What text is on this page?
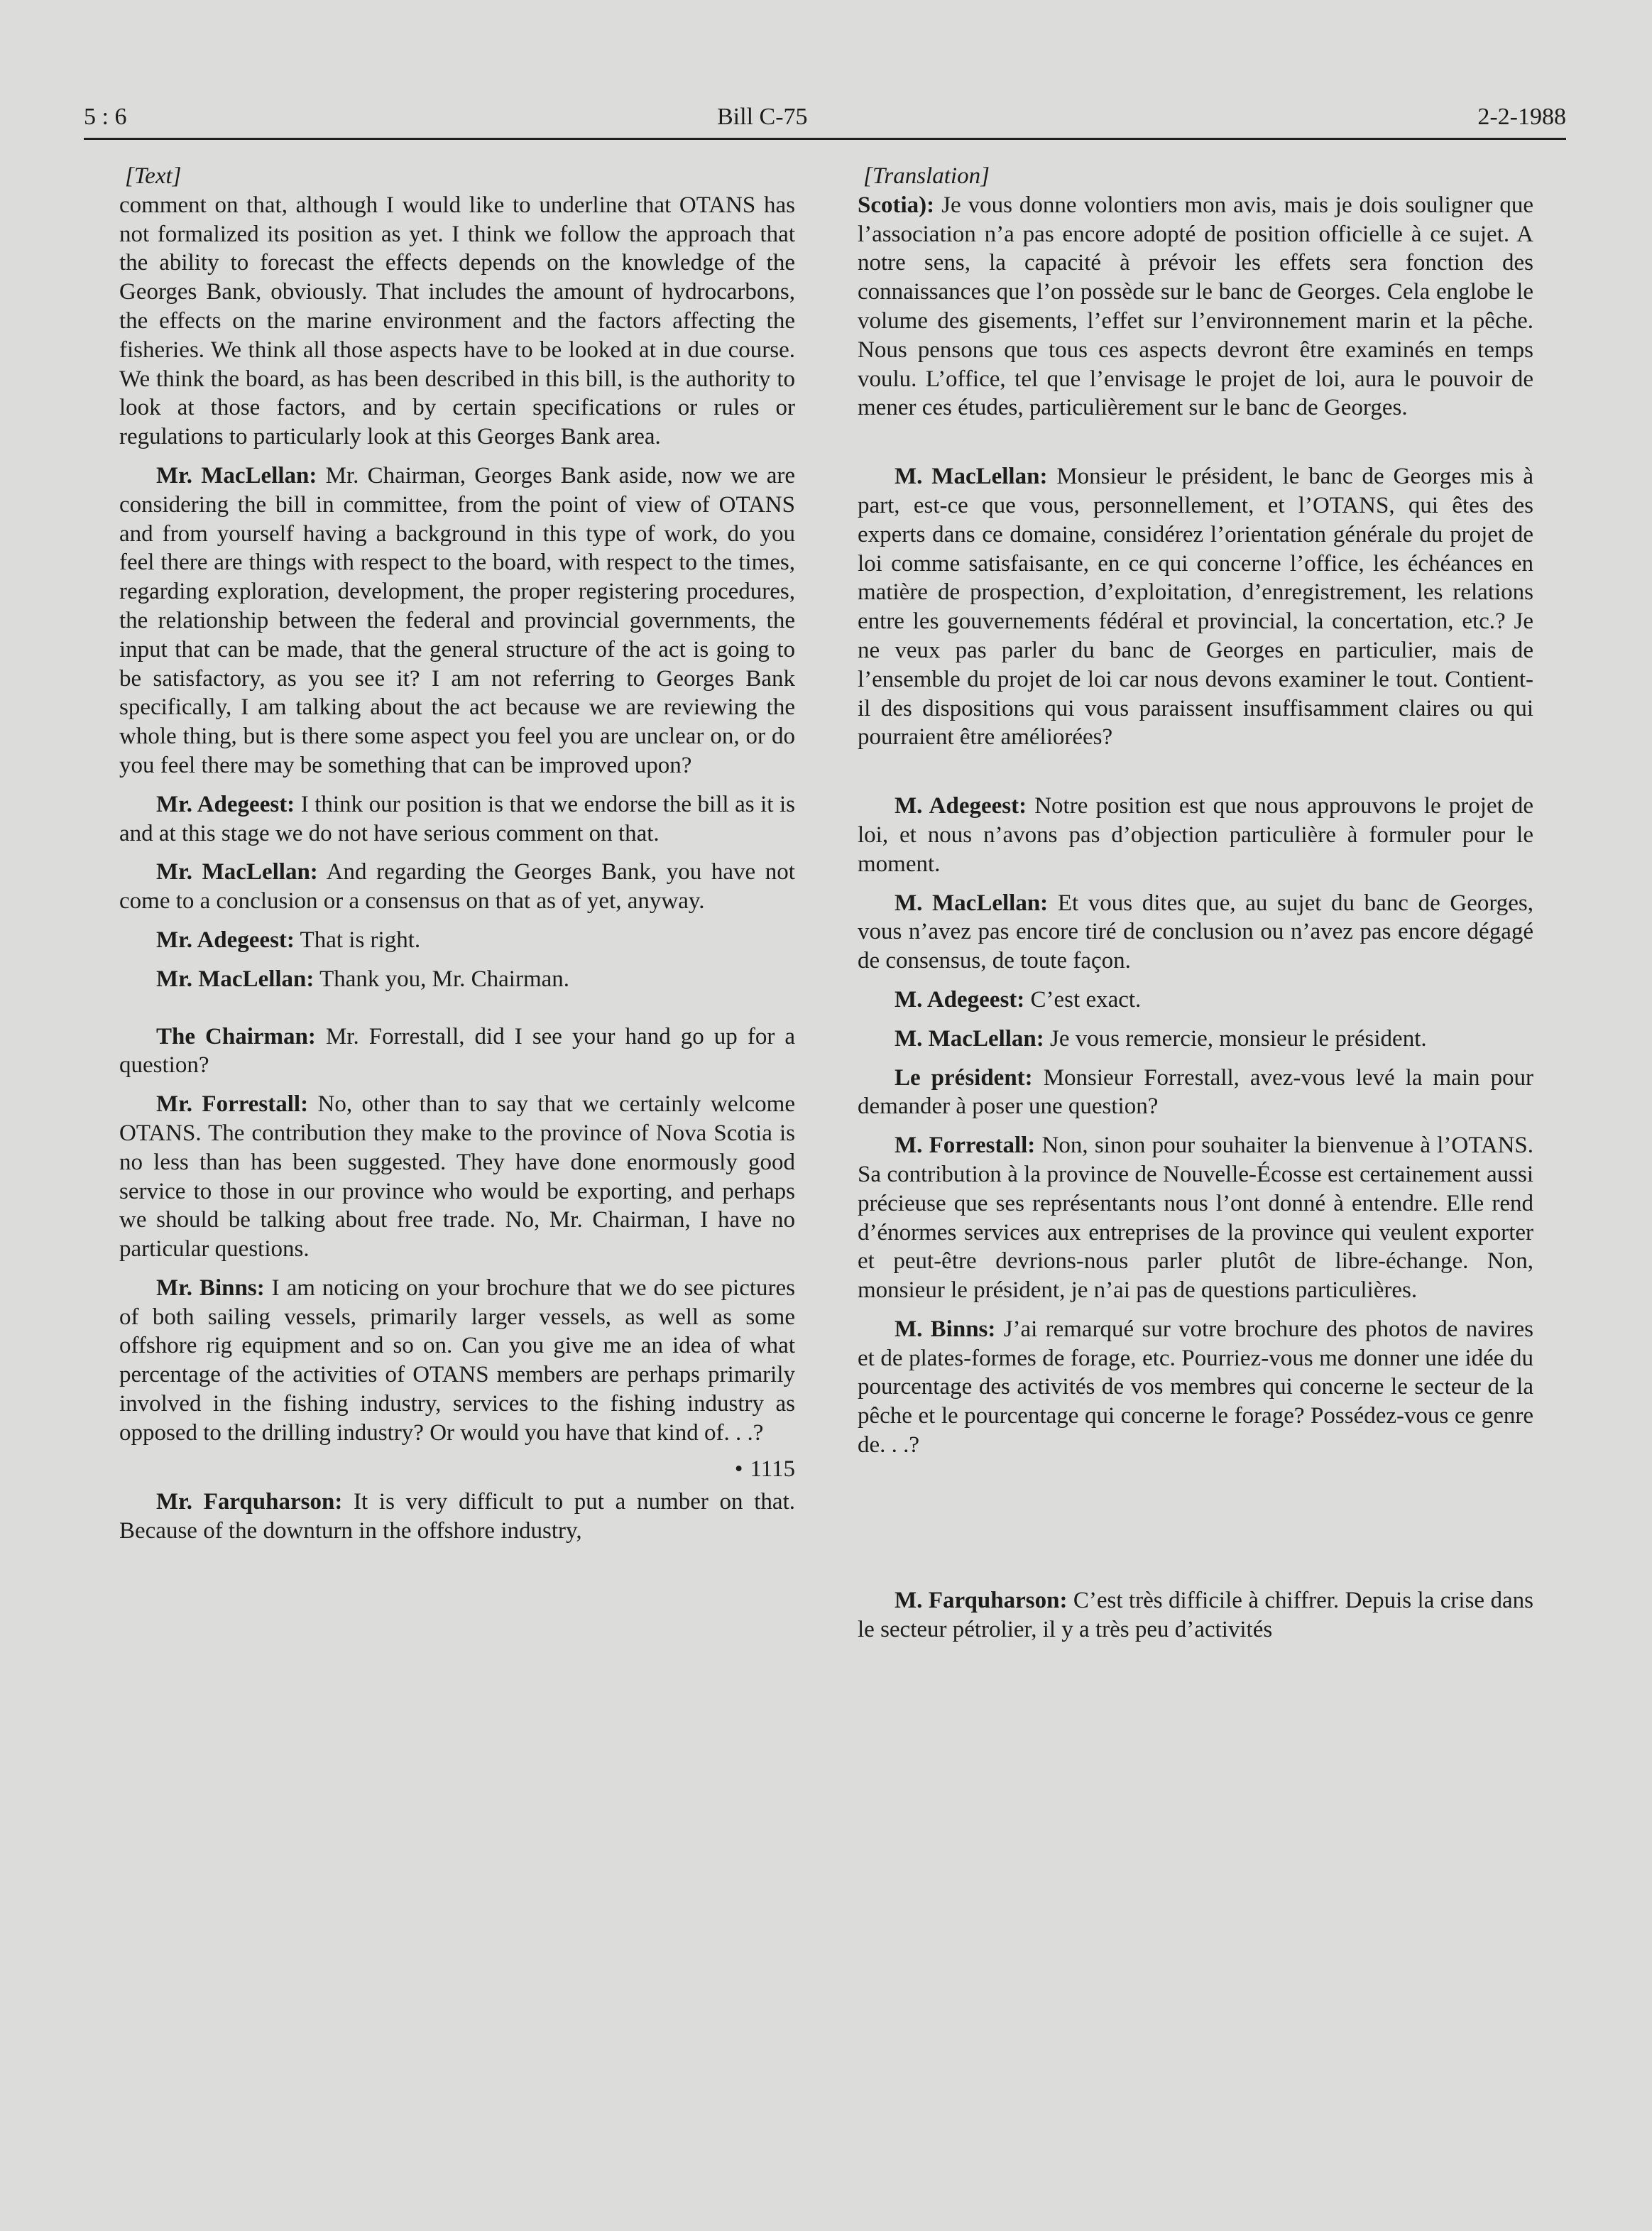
5 : 6	Bill C-75	2-2-1988
[Text]

comment on that, although I would like to underline that OTANS has not formalized its position as yet. I think we follow the approach that the ability to forecast the effects depends on the knowledge of the Georges Bank, obviously. That includes the amount of hydrocarbons, the effects on the marine environment and the factors affecting the fisheries. We think all those aspects have to be looked at in due course. We think the board, as has been described in this bill, is the authority to look at those factors, and by certain specifications or rules or regulations to particularly look at this Georges Bank area.

Mr. MacLellan: Mr. Chairman, Georges Bank aside, now we are considering the bill in committee, from the point of view of OTANS and from yourself having a background in this type of work, do you feel there are things with respect to the board, with respect to the times, regarding exploration, development, the proper registering procedures, the relationship between the federal and provincial governments, the input that can be made, that the general structure of the act is going to be satisfactory, as you see it? I am not referring to Georges Bank specifically, I am talking about the act because we are reviewing the whole thing, but is there some aspect you feel you are unclear on, or do you feel there may be something that can be improved upon?

Mr. Adegeest: I think our position is that we endorse the bill as it is and at this stage we do not have serious comment on that.

Mr. MacLellan: And regarding the Georges Bank, you have not come to a conclusion or a consensus on that as of yet, anyway.

Mr. Adegeest: That is right.

Mr. MacLellan: Thank you, Mr. Chairman.

The Chairman: Mr. Forrestall, did I see your hand go up for a question?

Mr. Forrestall: No, other than to say that we certainly welcome OTANS. The contribution they make to the province of Nova Scotia is no less than has been suggested. They have done enormously good service to those in our province who would be exporting, and perhaps we should be talking about free trade. No, Mr. Chairman, I have no particular questions.

Mr. Binns: I am noticing on your brochure that we do see pictures of both sailing vessels, primarily larger vessels, as well as some offshore rig equipment and so on. Can you give me an idea of what percentage of the activities of OTANS members are perhaps primarily involved in the fishing industry, services to the fishing industry as opposed to the drilling industry? Or would you have that kind of. . .?

• 1115

Mr. Farquharson: It is very difficult to put a number on that. Because of the downturn in the offshore industry,

[Translation]

Scotia): Je vous donne volontiers mon avis, mais je dois souligner que l’association n’a pas encore adopté de position officielle à ce sujet. A notre sens, la capacité à prévoir les effets sera fonction des connaissances que l’on possède sur le banc de Georges. Cela englobe le volume des gisements, l’effet sur l’environnement marin et la pêche. Nous pensons que tous ces aspects devront être examinés en temps voulu. L’office, tel que l’envisage le projet de loi, aura le pouvoir de mener ces études, particulièrement sur le banc de Georges.

M. MacLellan: Monsieur le président, le banc de Georges mis à part, est-ce que vous, personnellement, et l’OTANS, qui êtes des experts dans ce domaine, considérez l’orientation générale du projet de loi comme satisfaisante, en ce qui concerne l’office, les échéances en matière de prospection, d’exploitation, d’enregistrement, les relations entre les gouvernements fédéral et provincial, la concertation, etc.? Je ne veux pas parler du banc de Georges en particulier, mais de l’ensemble du projet de loi car nous devons examiner le tout. Contient-il des dispositions qui vous paraissent insuffisamment claires ou qui pourraient être améliorées?

M. Adegeest: Notre position est que nous approuvons le projet de loi, et nous n’avons pas d’objection particulière à formuler pour le moment.

M. MacLellan: Et vous dites que, au sujet du banc de Georges, vous n’avez pas encore tiré de conclusion ou n’avez pas encore dégagé de consensus, de toute façon.

M. Adegeest: C’est exact.

M. MacLellan: Je vous remercie, monsieur le président.

Le président: Monsieur Forrestall, avez-vous levé la main pour demander à poser une question?

M. Forrestall: Non, sinon pour souhaiter la bienvenue à l’OTANS. Sa contribution à la province de Nouvelle-Écosse est certainement aussi précieuse que ses représentants nous l’ont donné à entendre. Elle rend d’énormes services aux entreprises de la province qui veulent exporter et peut-être devrions-nous parler plutôt de libre-échange. Non, monsieur le président, je n’ai pas de questions particulières.

M. Binns: J’ai remarqué sur votre brochure des photos de navires et de plates-formes de forage, etc. Pourriez-vous me donner une idée du pourcentage des activités de vos membres qui concerne le secteur de la pêche et le pourcentage qui concerne le forage? Possédez-vous ce genre de. . .?

M. Farquharson: C’est très difficile à chiffrer. Depuis la crise dans le secteur pétrolier, il y a très peu d’activités
